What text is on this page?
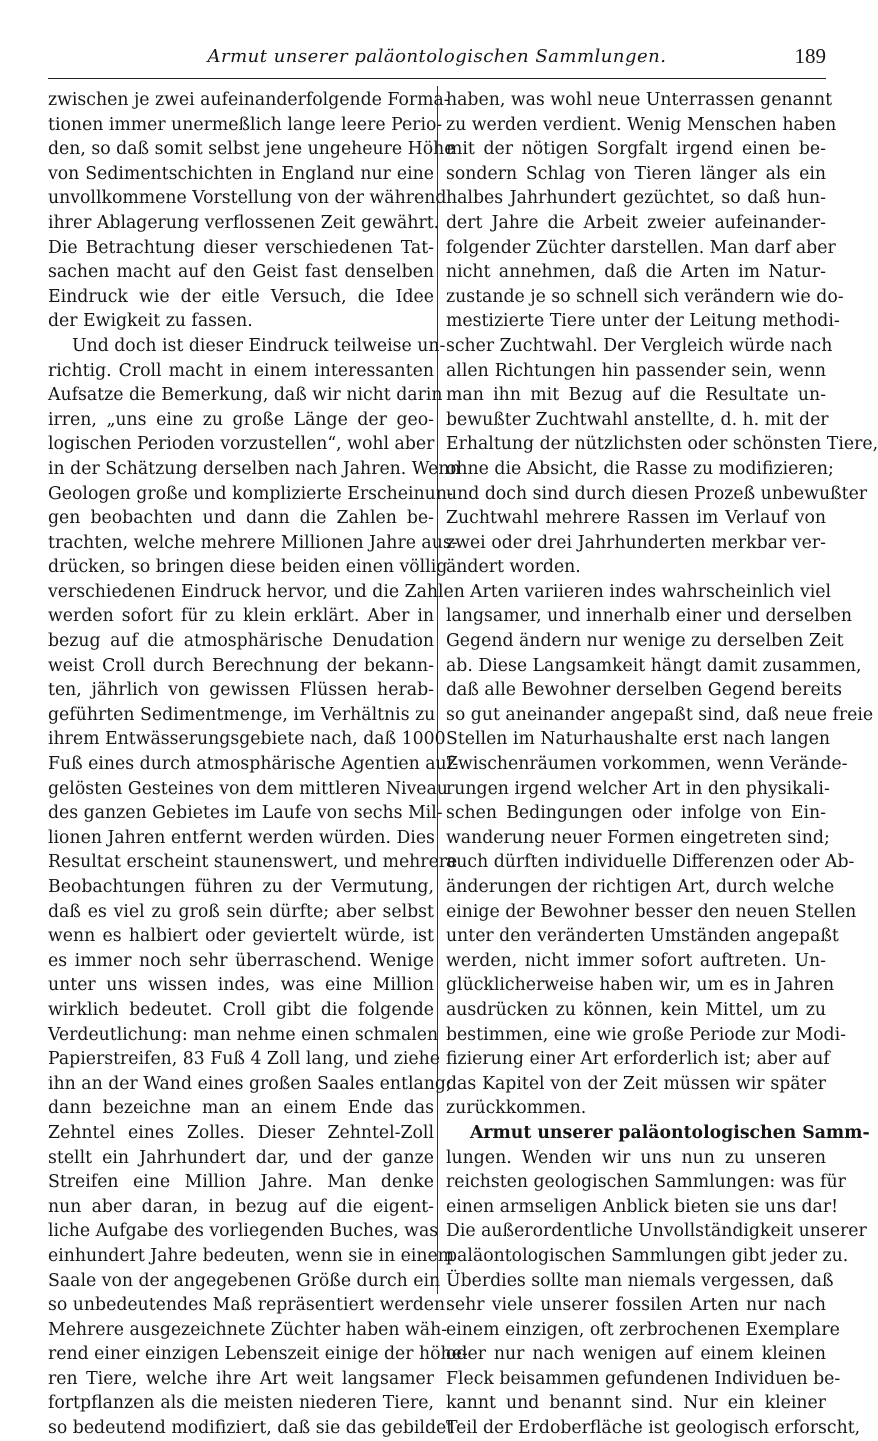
Armut unserer paläontologischen Sammlungen.	189
zwischen je zwei aufeinanderfolgende Forma-
tionen immer unermeßlich lange leere Perio-
den, so daß somit selbst jene ungeheure Höhe
von Sedimentschichten in England nur eine
unvollkommene Vorstellung von der während
ihrer Ablagerung verflossenen Zeit gewährt.
Die Betrachtung dieser verschiedenen Tat-
sachen macht auf den Geist fast denselben
Eindruck wie der eitle Versuch, die Idee
der Ewigkeit zu fassen.
Und doch ist dieser Eindruck teilweise un-
richtig. Croll macht in einem interessanten
Aufsatze die Bemerkung, daß wir nicht darin
irren, „uns eine zu große Länge der geo-
logischen Perioden vorzustellen“, wohl aber
in der Schätzung derselben nach Jahren. Wenn
Geologen große und komplizierte Erscheinun-
gen beobachten und dann die Zahlen be-
trachten, welche mehrere Millionen Jahre aus-
drücken, so bringen diese beiden einen völlig
verschiedenen Eindruck hervor, und die Zahlen
werden sofort für zu klein erklärt. Aber in
bezug auf die atmosphärische Denudation
weist Croll durch Berechnung der bekann-
ten, jährlich von gewissen Flüssen herab-
geführten Sedimentmenge, im Verhältnis zu
ihrem Entwässerungsgebiete nach, daß 1000
Fuß eines durch atmosphärische Agentien auf-
gelösten Gesteines von dem mittleren Niveau
des ganzen Gebietes im Laufe von sechs Mil-
lionen Jahren entfernt werden würden. Dies
Resultat erscheint staunenswert, und mehrere
Beobachtungen führen zu der Vermutung,
daß es viel zu groß sein dürfte; aber selbst
wenn es halbiert oder geviertelt würde, ist
es immer noch sehr überraschend. Wenige
unter uns wissen indes, was eine Million
wirklich bedeutet. Croll gibt die folgende
Verdeutlichung: man nehme einen schmalen
Papierstreifen, 83 Fuß 4 Zoll lang, und ziehe
ihn an der Wand eines großen Saales entlang;
dann bezeichne man an einem Ende das
Zehntel eines Zolles. Dieser Zehntel-Zoll
stellt ein Jahrhundert dar, und der ganze
Streifen eine Million Jahre. Man denke
nun aber daran, in bezug auf die eigent-
liche Aufgabe des vorliegenden Buches, was
einhundert Jahre bedeuten, wenn sie in einem
Saale von der angegebenen Größe durch ein
so unbedeutendes Maß repräsentiert werden.
Mehrere ausgezeichnete Züchter haben wäh-
rend einer einzigen Lebenszeit einige der höhe-
ren Tiere, welche ihre Art weit langsamer
fortpflanzen als die meisten niederen Tiere,
so bedeutend modifiziert, daß sie das gebildet
haben, was wohl neue Unterrassen genannt
zu werden verdient. Wenig Menschen haben
mit der nötigen Sorgfalt irgend einen be-
sondern Schlag von Tieren länger als ein
halbes Jahrhundert gezüchtet, so daß hun-
dert Jahre die Arbeit zweier aufeinander-
folgender Züchter darstellen. Man darf aber
nicht annehmen, daß die Arten im Natur-
zustande je so schnell sich verändern wie do-
mestizierte Tiere unter der Leitung methodi-
scher Zuchtwahl. Der Vergleich würde nach
allen Richtungen hin passender sein, wenn
man ihn mit Bezug auf die Resultate un-
bewußter Zuchtwahl anstellte, d. h. mit der
Erhaltung der nützlichsten oder schönsten Tiere,
ohne die Absicht, die Rasse zu modifizieren;
und doch sind durch diesen Prozeß unbewußter
Zuchtwahl mehrere Rassen im Verlauf von
zwei oder drei Jahrhunderten merkbar ver-
ändert worden.
Arten variieren indes wahrscheinlich viel
langsamer, und innerhalb einer und derselben
Gegend ändern nur wenige zu derselben Zeit
ab. Diese Langsamkeit hängt damit zusammen,
daß alle Bewohner derselben Gegend bereits
so gut aneinander angepaßt sind, daß neue freie
Stellen im Naturhaushalte erst nach langen
Zwischenräumen vorkommen, wenn Verände-
rungen irgend welcher Art in den physikali-
schen Bedingungen oder infolge von Ein-
wanderung neuer Formen eingetreten sind;
auch dürften individuelle Differenzen oder Ab-
änderungen der richtigen Art, durch welche
einige der Bewohner besser den neuen Stellen
unter den veränderten Umständen angepaßt
werden, nicht immer sofort auftreten. Un-
glücklicherweise haben wir, um es in Jahren
ausdrücken zu können, kein Mittel, um zu
bestimmen, eine wie große Periode zur Modi-
fizierung einer Art erforderlich ist; aber auf
das Kapitel von der Zeit müssen wir später
zurückkommen.
Armut unserer paläontologischen Samm-
lungen. Wenden wir uns nun zu unseren
reichsten geologischen Sammlungen: was für
einen armseligen Anblick bieten sie uns dar!
Die außerordentliche Unvollständigkeit unserer
paläontologischen Sammlungen gibt jeder zu.
Überdies sollte man niemals vergessen, daß
sehr viele unserer fossilen Arten nur nach
einem einzigen, oft zerbrochenen Exemplare
oder nur nach wenigen auf einem kleinen
Fleck beisammen gefundenen Individuen be-
kannt und benannt sind. Nur ein kleiner
Teil der Erdoberfläche ist geologisch erforscht,
